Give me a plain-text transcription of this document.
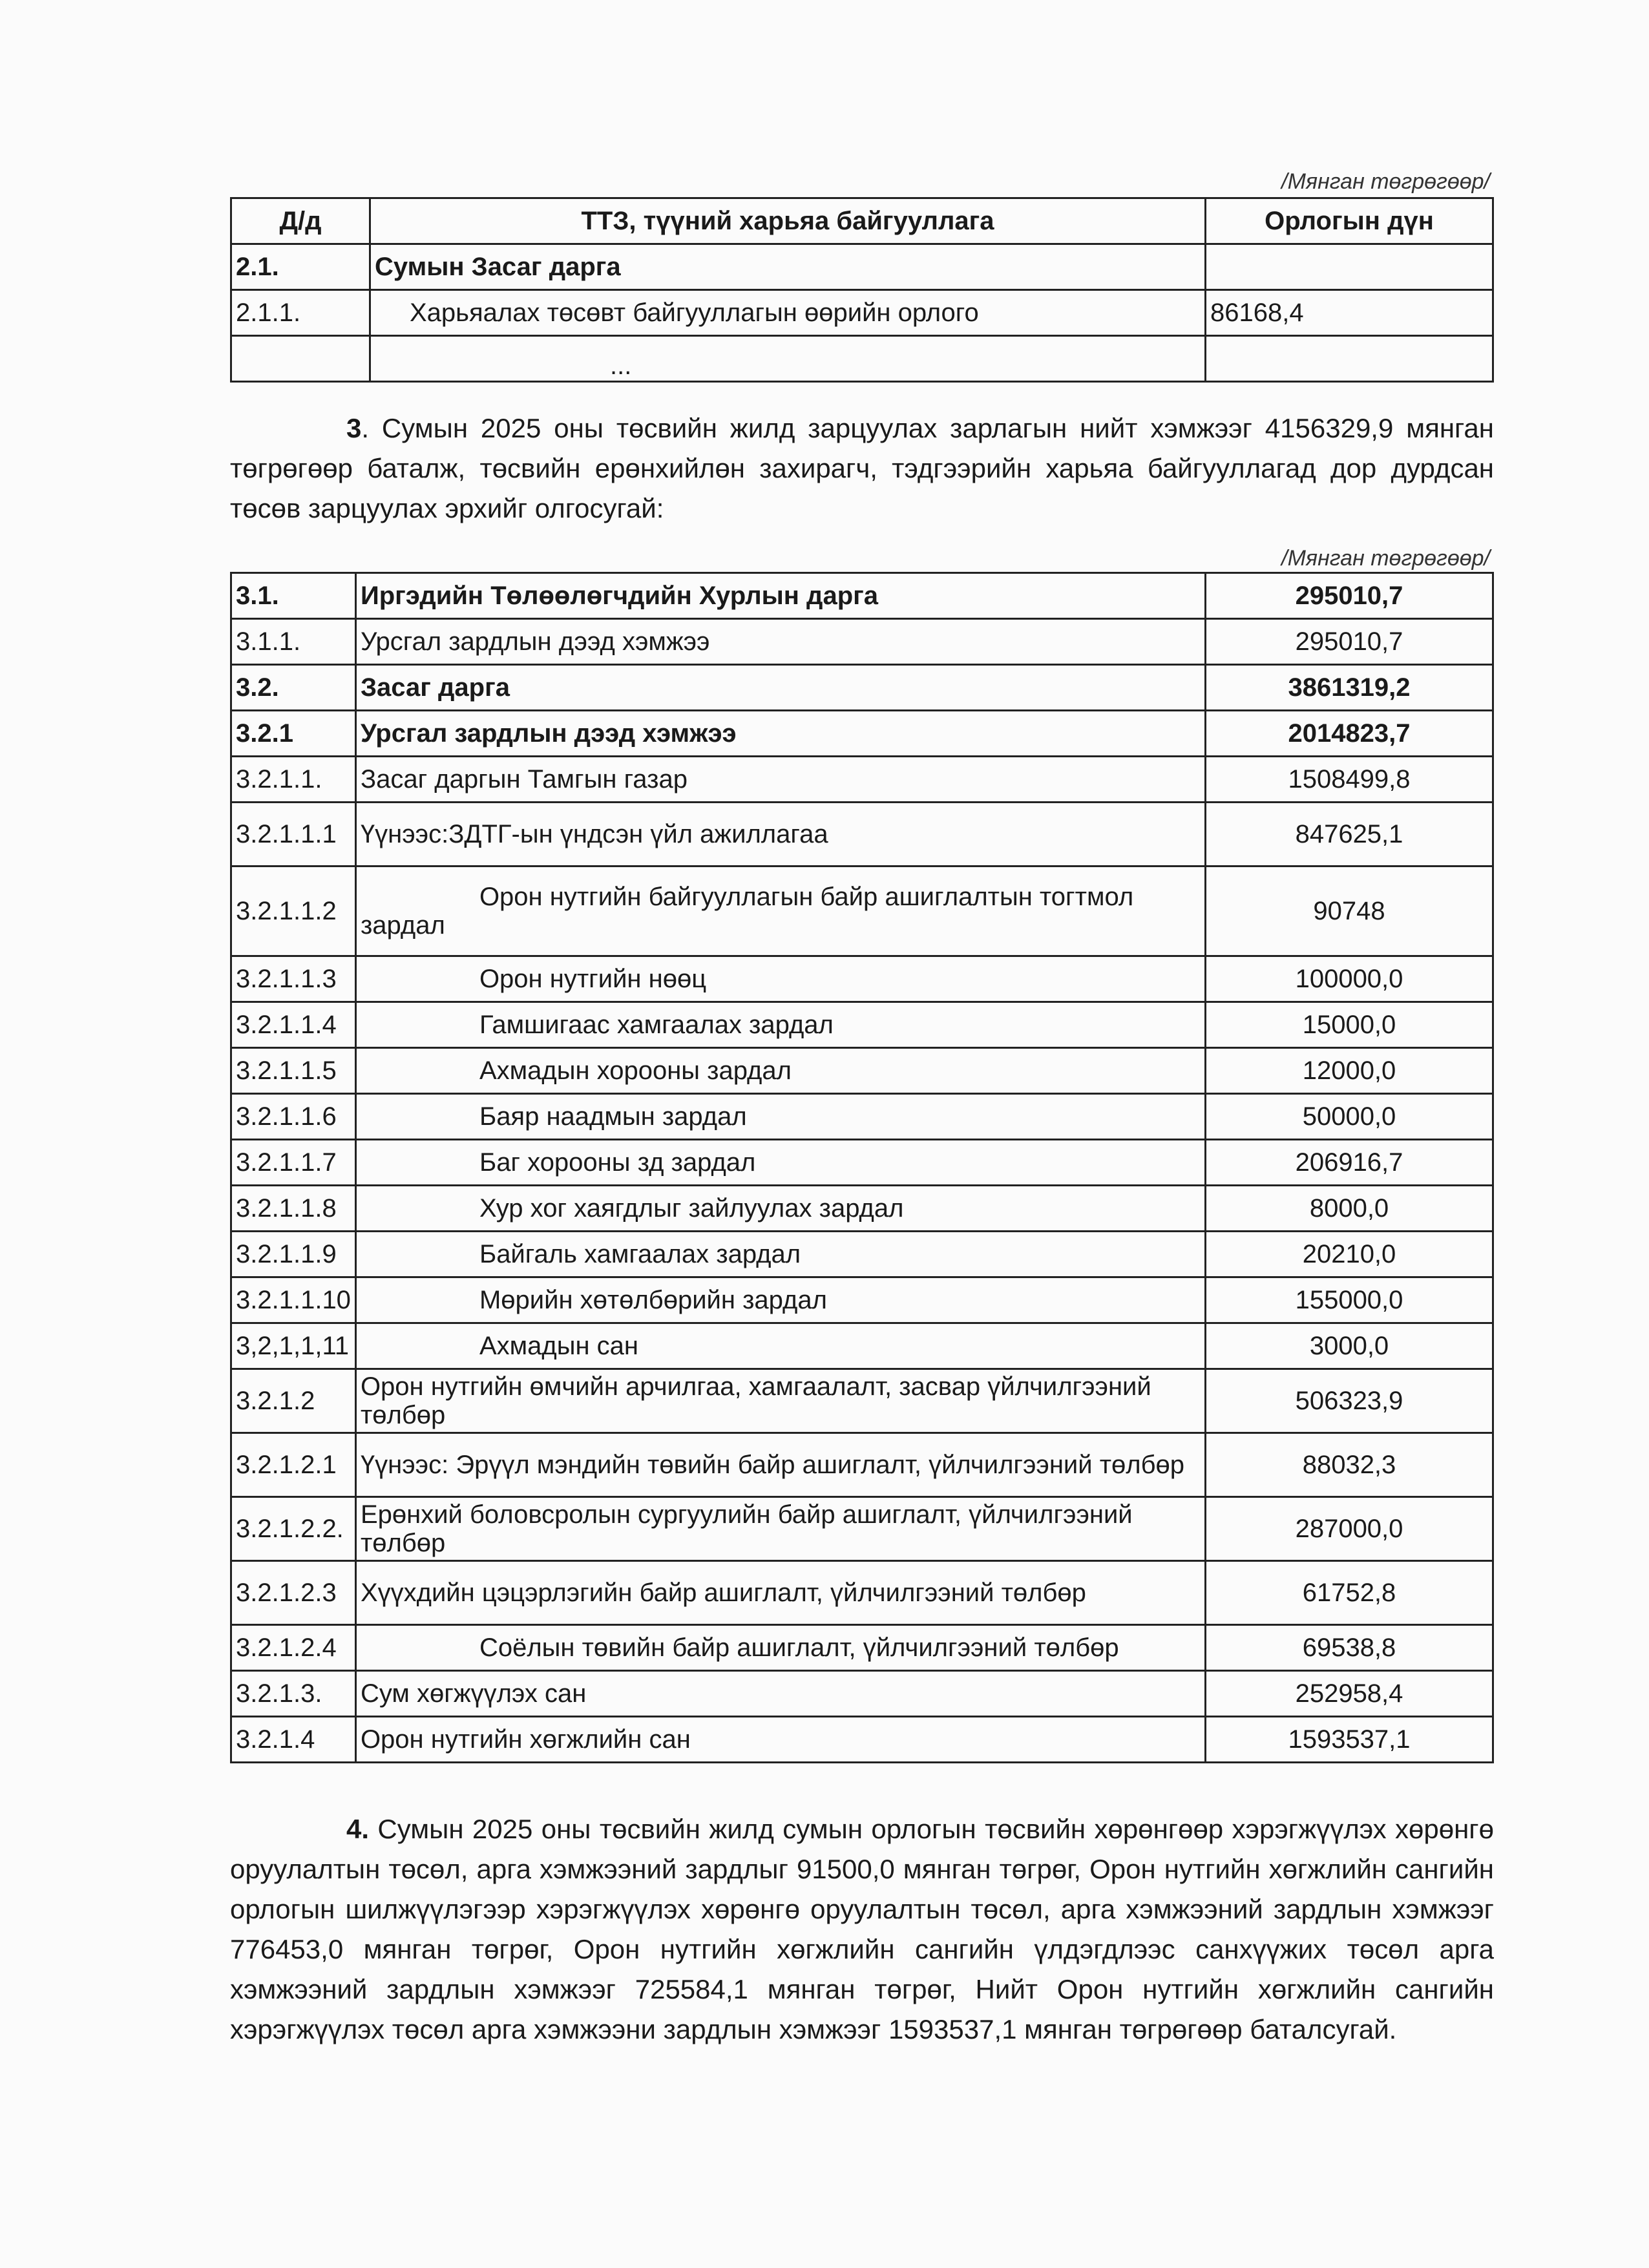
/Мянган төгрөгөөр/
Д/д	ТТЗ, түүний харьяа байгууллага	Орлогын дүн
2.1.	Сумын Засаг дарга	
2.1.1.	Харьяалах төсөвт байгууллагын өөрийн орлого	86168,4
	...	
3. Сумын 2025 оны төсвийн жилд зарцуулах зарлагын нийт хэмжээг 4156329,9 мянган төгрөгөөр баталж, төсвийн ерөнхийлөн захирагч, тэдгээрийн харьяа байгууллагад дор дурдсан төсөв зарцуулах эрхийг олгосугай:
/Мянган төгрөгөөр/
3.1.	Иргэдийн Төлөөлөгчдийн Хурлын дарга	295010,7
3.1.1.	Урсгал зардлын дээд хэмжээ	295010,7
3.2.	Засаг дарга	3861319,2
3.2.1	Урсгал зардлын дээд хэмжээ	2014823,7
3.2.1.1.	Засаг даргын Тамгын газар	1508499,8
3.2.1.1.1	Үүнээс:ЗДТГ-ын үндсэн үйл ажиллагаа	847625,1
3.2.1.1.2	Орон нутгийн байгууллагын байр ашиглалтын тогтмол зардал	90748
3.2.1.1.3	Орон нутгийн нөөц	100000,0
3.2.1.1.4	Гамшигаас хамгаалах зардал	15000,0
3.2.1.1.5	Ахмадын хорооны зардал	12000,0
3.2.1.1.6	Баяр наадмын зардал	50000,0
3.2.1.1.7	Баг хорооны зд зардал	206916,7
3.2.1.1.8	Хур хог хаягдлыг зайлуулах зардал	8000,0
3.2.1.1.9	Байгаль хамгаалах зардал	20210,0
3.2.1.1.10	Мөрийн хөтөлбөрийн зардал	155000,0
3,2,1,1,11	Ахмадын сан	3000,0
3.2.1.2	Орон нутгийн өмчийн арчилгаа, хамгаалалт, засвар үйлчилгээний төлбөр	506323,9
3.2.1.2.1	Үүнээс: Эрүүл мэндийн төвийн байр ашиглалт, үйлчилгээний төлбөр	88032,3
3.2.1.2.2.	Ерөнхий боловсролын сургуулийн байр ашиглалт, үйлчилгээний төлбөр	287000,0
3.2.1.2.3	Хүүхдийн цэцэрлэгийн байр ашиглалт, үйлчилгээний төлбөр	61752,8
3.2.1.2.4	Соёлын төвийн байр ашиглалт, үйлчилгээний төлбөр	69538,8
3.2.1.3.	Сум хөгжүүлэх сан	252958,4
3.2.1.4	Орон нутгийн хөгжлийн сан	1593537,1
4. Сумын 2025 оны төсвийн жилд сумын орлогын төсвийн хөрөнгөөр хэрэгжүүлэх хөрөнгө оруулалтын төсөл, арга хэмжээний зардлыг 91500,0 мянган төгрөг, Орон нутгийн хөгжлийн сангийн орлогын шилжүүлэгээр хэрэгжүүлэх хөрөнгө оруулалтын төсөл, арга хэмжээний зардлын хэмжээг 776453,0 мянган төгрөг, Орон нутгийн хөгжлийн сангийн үлдэгдлээс санхүүжих төсөл арга хэмжээний зардлын хэмжээг 725584,1 мянган төгрөг, Нийт Орон нутгийн хөгжлийн сангийн хэрэгжүүлэх төсөл арга хэмжээни зардлын хэмжээг 1593537,1 мянган төгрөгөөр баталсугай.
